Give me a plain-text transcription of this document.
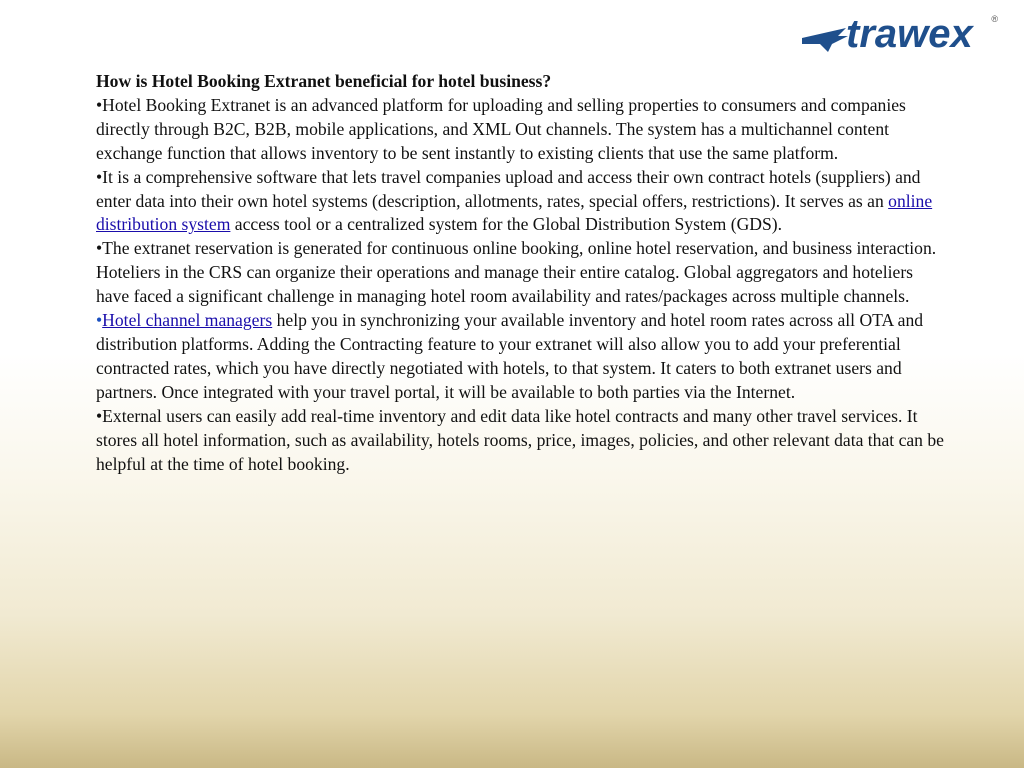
trawex ®

How is Hotel Booking Extranet beneficial for hotel business?

•Hotel Booking Extranet is an advanced platform for uploading and selling properties to consumers and companies directly through B2C, B2B, mobile applications, and XML Out channels. The system has a multichannel content exchange function that allows inventory to be sent instantly to existing clients that use the same platform.

•It is a comprehensive software that lets travel companies upload and access their own contract hotels (suppliers) and enter data into their own hotel systems (description, allotments, rates, special offers, restrictions). It serves as an online distribution system access tool or a centralized system for the Global Distribution System (GDS).

•The extranet reservation is generated for continuous online booking, online hotel reservation, and business interaction. Hoteliers in the CRS can organize their operations and manage their entire catalog. Global aggregators and hoteliers have faced a significant challenge in managing hotel room availability and rates/packages across multiple channels.

•Hotel channel managers help you in synchronizing your available inventory and hotel room rates across all OTA and distribution platforms. Adding the Contracting feature to your extranet will also allow you to add your preferential contracted rates, which you have directly negotiated with hotels, to that system. It caters to both extranet users and partners. Once integrated with your travel portal, it will be available to both parties via the Internet.

•External users can easily add real-time inventory and edit data like hotel contracts and many other travel services. It stores all hotel information, such as availability, hotels rooms, price, images, policies, and other relevant data that can be helpful at the time of hotel booking.
